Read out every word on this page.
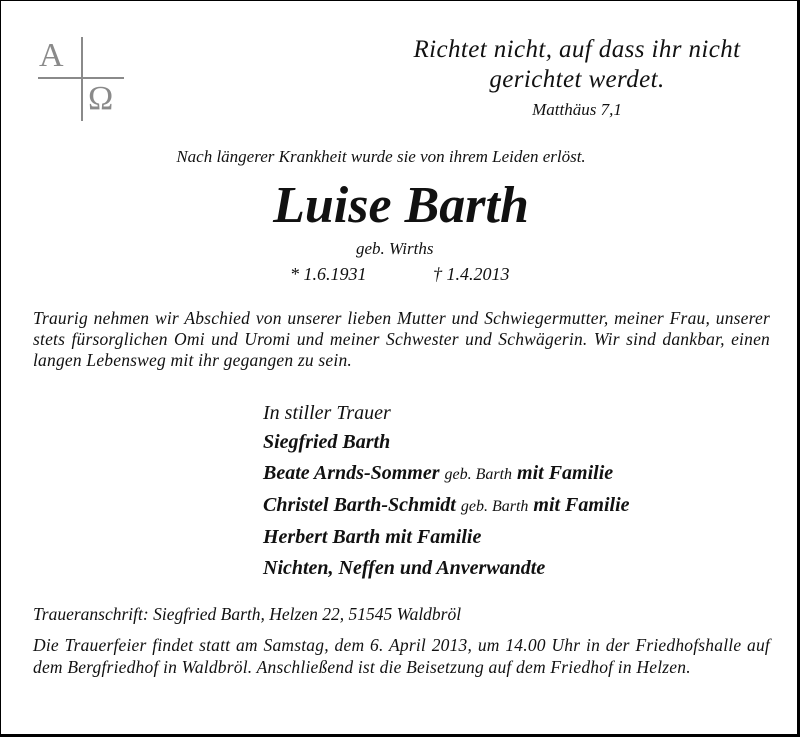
A
Ω
Richtet nicht, auf dass ihr nicht
gerichtet werdet.
Matthäus 7,1
Nach längerer Krankheit wurde sie von ihrem Leiden erlöst.
Luise Barth
geb. Wirths
* 1.6.1931	† 1.4.2013
Traurig nehmen wir Abschied von unserer lieben Mutter und Schwiegermutter, meiner Frau, unserer stets fürsorglichen Omi und Uromi und meiner Schwester und Schwägerin. Wir sind dankbar, einen langen Lebensweg mit ihr gegangen zu sein.
In stiller Trauer
Siegfried Barth
Beate Arnds-Sommer geb. Barth mit Familie
Christel Barth-Schmidt geb. Barth mit Familie
Herbert Barth mit Familie
Nichten, Neffen und Anverwandte
Traueranschrift: Siegfried Barth, Helzen 22, 51545 Waldbröl
Die Trauerfeier findet statt am Samstag, dem 6. April 2013, um 14.00 Uhr in der Friedhofshalle auf dem Bergfriedhof in Waldbröl. Anschließend ist die Beisetzung auf dem Friedhof in Helzen.
